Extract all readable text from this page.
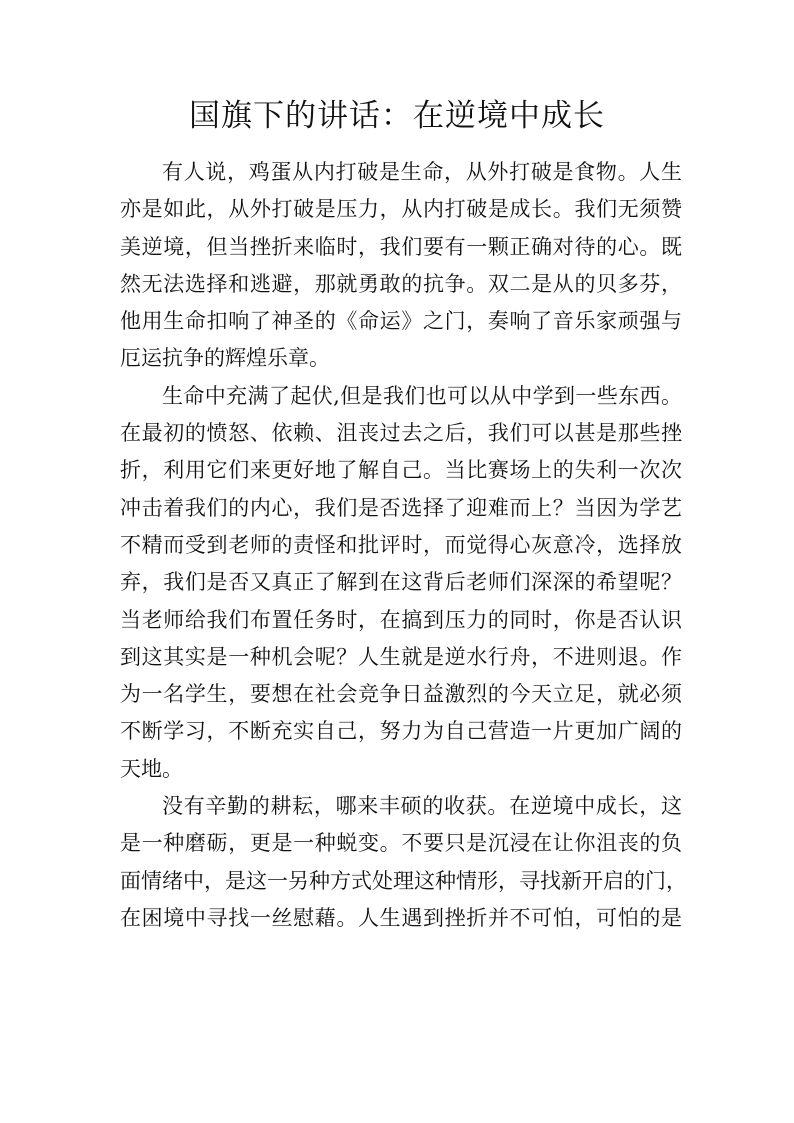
国旗下的讲话：在逆境中成长
有人说，鸡蛋从内打破是生命，从外打破是食物。人生
亦是如此，从外打破是压力，从内打破是成长。我们无须赞
美逆境，但当挫折来临时，我们要有一颗正确对待的心。既
然无法选择和逃避，那就勇敢的抗争。双二是从的贝多芬，
他用生命扣响了神圣的《命运》之门，奏响了音乐家顽强与
厄运抗争的辉煌乐章。
生命中充满了起伏,但是我们也可以从中学到一些东西。
在最初的愤怒、依赖、沮丧过去之后，我们可以甚是那些挫
折，利用它们来更好地了解自己。当比赛场上的失利一次次
冲击着我们的内心，我们是否选择了迎难而上？当因为学艺
不精而受到老师的责怪和批评时，而觉得心灰意冷，选择放
弃，我们是否又真正了解到在这背后老师们深深的希望呢？
当老师给我们布置任务时，在搞到压力的同时，你是否认识
到这其实是一种机会呢？人生就是逆水行舟，不进则退。作
为一名学生，要想在社会竞争日益激烈的今天立足，就必须
不断学习，不断充实自己，努力为自己营造一片更加广阔的
天地。
没有辛勤的耕耘，哪来丰硕的收获。在逆境中成长，这
是一种磨砺，更是一种蜕变。不要只是沉浸在让你沮丧的负
面情绪中，是这一另种方式处理这种情形，寻找新开启的门，
在困境中寻找一丝慰藉。人生遇到挫折并不可怕，可怕的是
